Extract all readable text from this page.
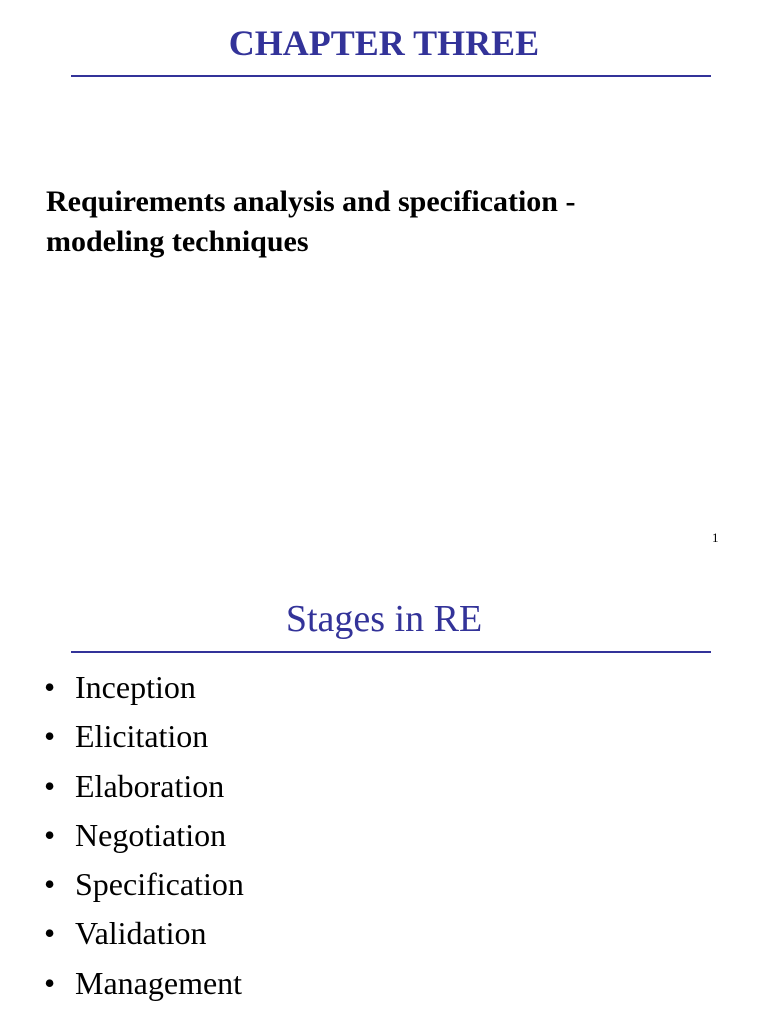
CHAPTER THREE
Requirements analysis and specification -
modeling techniques
1
Stages in RE
• Inception
• Elicitation
• Elaboration
• Negotiation
• Specification
• Validation
• Management
